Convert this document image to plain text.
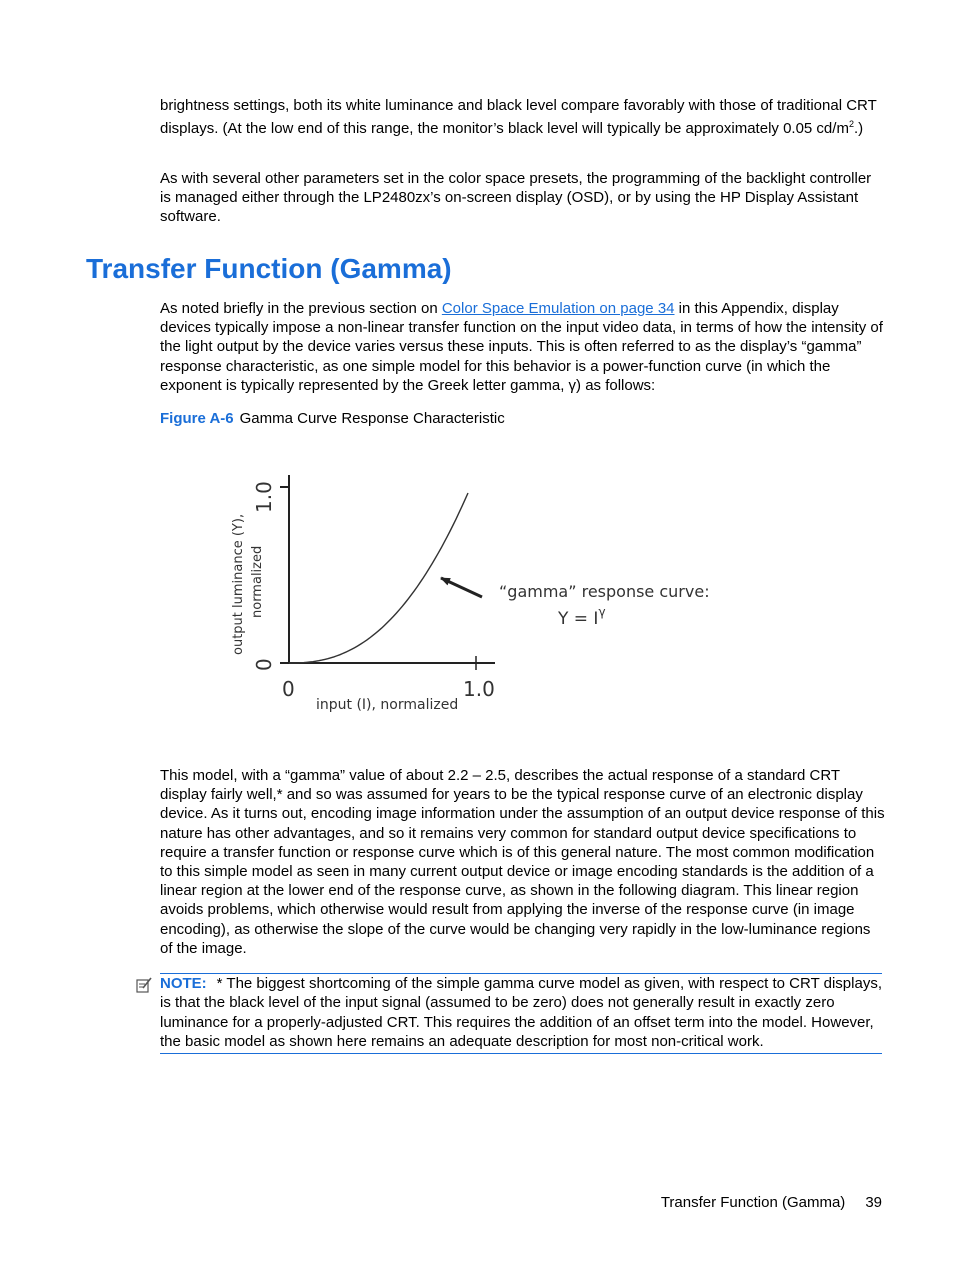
brightness settings, both its white luminance and black level compare favorably with those of traditional CRT displays. (At the low end of this range, the monitor’s black level will typically be approximately 0.05 $cd/m^2$.)

As with several other parameters set in the color space presets, the programming of the backlight controller is managed either through the LP2480zx’s on-screen display (OSD), or by using the HP Display Assistant software.

Transfer Function (Gamma)

As noted briefly in the previous section on Color Space Emulation on page 34 in this Appendix, display devices typically impose a non-linear transfer function on the input video data, in terms of how the intensity of the light output by the device varies versus these inputs. This is often referred to as the display’s “gamma” response characteristic, as one simple model for this behavior is a power-function curve (in which the exponent is typically represented by the Greek letter gamma, γ) as follows:

Figure A-6 Gamma Curve Response Characteristic
output luminance (Y), normalized
1.0
0
0	1.0
input (I), normalized
“gamma” response curve:
$Y = I^\gamma$

This model, with a “gamma” value of about 2.2 – 2.5, describes the actual response of a standard CRT display fairly well,* and so was assumed for years to be the typical response curve of an electronic display device. As it turns out, encoding image information under the assumption of an output device response of this nature has other advantages, and so it remains very common for standard output device specifications to require a transfer function or response curve which is of this general nature. The most common modification to this simple model as seen in many current output device or image encoding standards is the addition of a linear region at the lower end of the response curve, as shown in the following diagram. This linear region avoids problems, which otherwise would result from applying the inverse of the response curve (in image encoding), as otherwise the slope of the curve would be changing very rapidly in the low-luminance regions of the image.

NOTE: * The biggest shortcoming of the simple gamma curve model as given, with respect to CRT displays, is that the black level of the input signal (assumed to be zero) does not generally result in exactly zero luminance for a properly-adjusted CRT. This requires the addition of an offset term into the model. However, the basic model as shown here remains an adequate description for most non-critical work.

Transfer Function (Gamma) 39
